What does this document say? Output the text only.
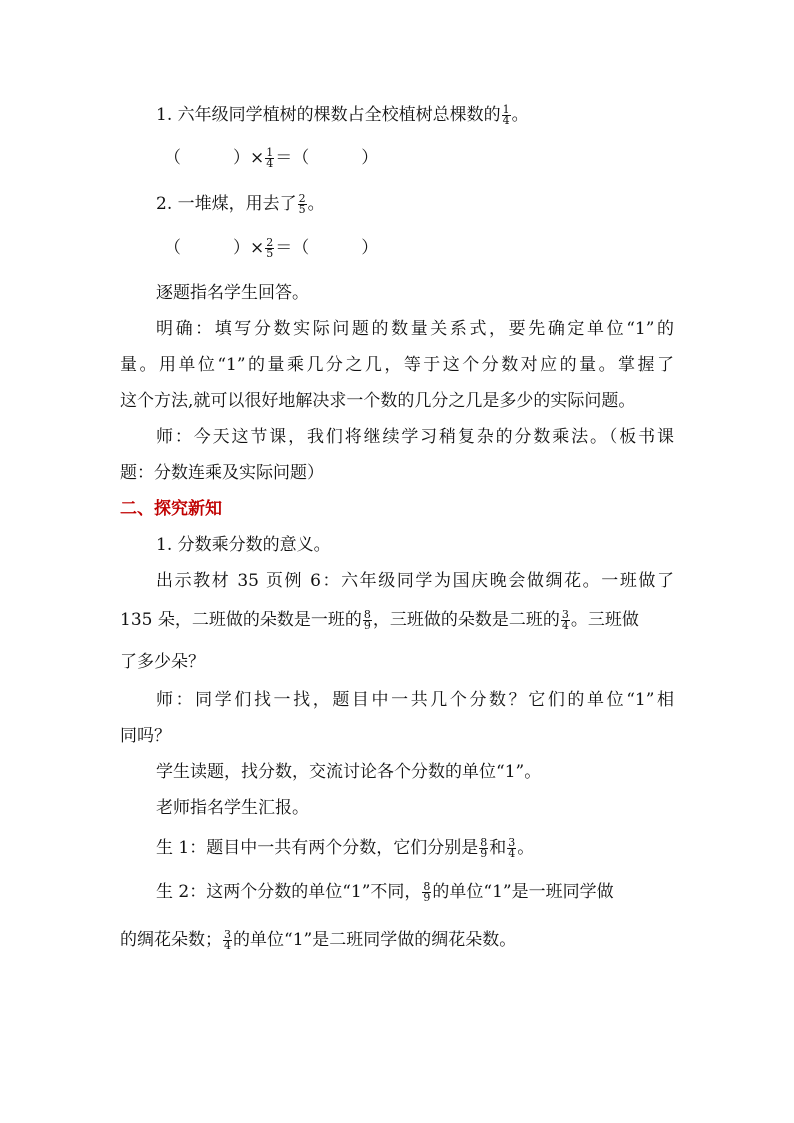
1. 六年级同学植树的棵数占全校植树总棵数的 $\frac{1}{4}$ 。
（	）× $\frac{1}{4}$ ＝（	）
2. 一堆煤，用去了 $\frac{2}{5}$ 。
（	）× $\frac{2}{5}$ ＝（	）
逐题指名学生回答。
明确：填写分数实际问题的数量关系式，要先确定单位“1”的
量。用单位“1”的量乘几分之几，等于这个分数对应的量。掌握了
这个方法,就可以很好地解决求一个数的几分之几是多少的实际问题。
师：今天这节课，我们将继续学习稍复杂的分数乘法。（板书课
题：分数连乘及实际问题）
二、探究新知
1. 分数乘分数的意义。
出示教材 35 页例 6：六年级同学为国庆晚会做绸花。一班做了
135 朵，二班做的朵数是一班的 $\frac{8}{9}$ ，三班做的朵数是二班的 $\frac{3}{4}$ 。三班做
了多少朵？
师：同学们找一找，题目中一共几个分数？它们的单位“1”相
同吗？
学生读题，找分数，交流讨论各个分数的单位“1”。
老师指名学生汇报。
生 1：题目中一共有两个分数，它们分别是 $\frac{8}{9}$ 和 $\frac{3}{4}$ 。
生 2：这两个分数的单位“1”不同， $\frac{8}{9}$ 的单位“1”是一班同学做
的绸花朵数； $\frac{3}{4}$ 的单位“1”是二班同学做的绸花朵数。
